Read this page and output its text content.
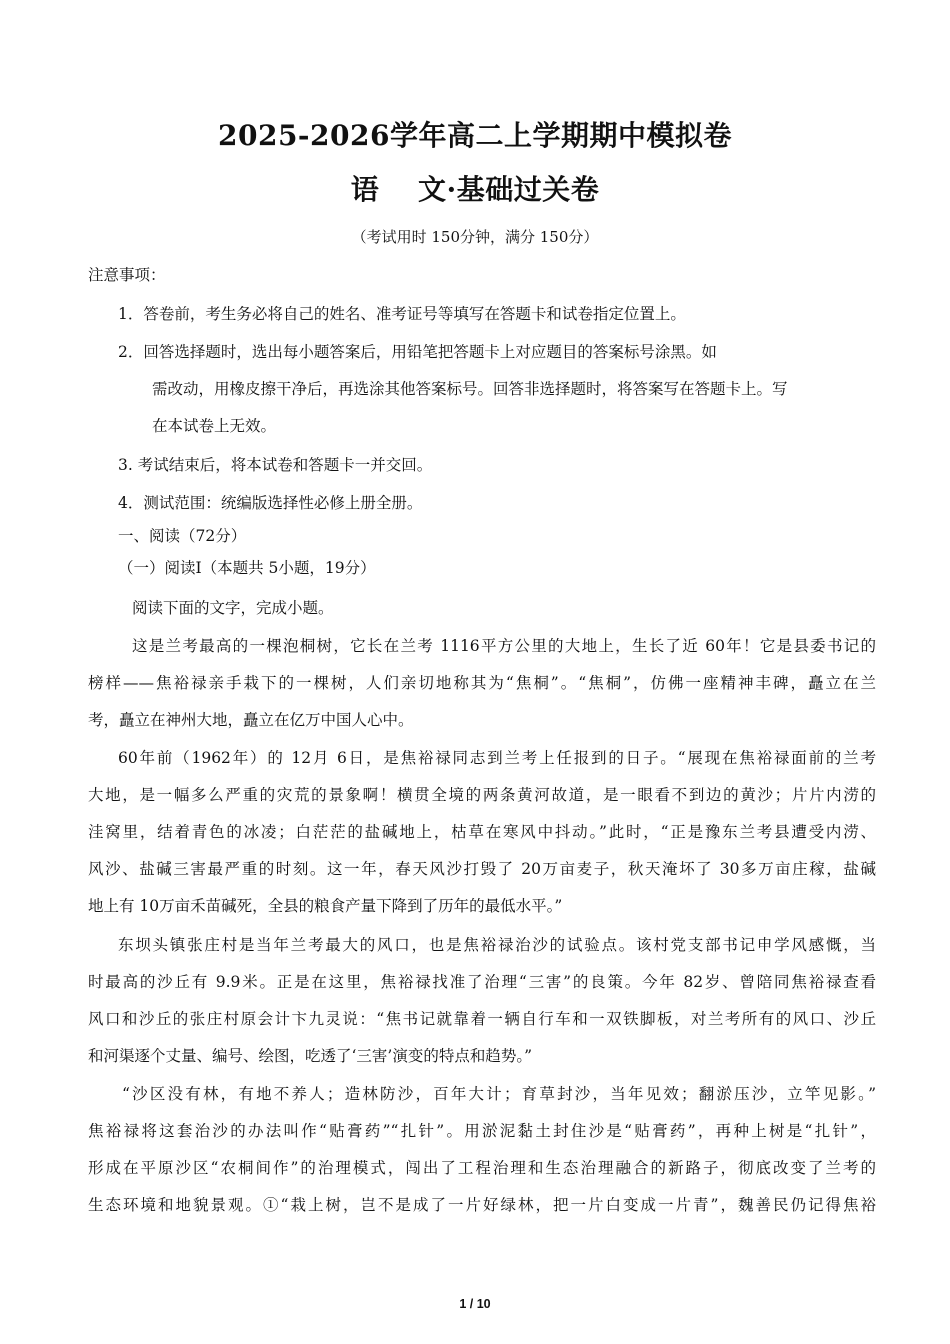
2025-2026学年高二上学期期中模拟卷
语　 文·基础过关卷
（考试用时 150分钟，满分 150分）
注意事项：
1．答卷前，考生务必将自己的姓名、准考证号等填写在答题卡和试卷指定位置上。
2．回答选择题时，选出每小题答案后，用铅笔把答题卡上对应题目的答案标号涂黑。如
需改动，用橡皮擦干净后，再选涂其他答案标号。回答非选择题时，将答案写在答题卡上。写
在本试卷上无效。
3. 考试结束后，将本试卷和答题卡一并交回。
4．测试范围：统编版选择性必修上册全册。
一、阅读（72分）
（一）阅读Ⅰ（本题共 5小题，19分）
阅读下面的文字，完成小题。
这是兰考最高的一棵泡桐树，它长在兰考 1116平方公里的大地上，生长了近 60年！它是县委书记的
榜样——焦裕禄亲手栽下的一棵树，人们亲切地称其为“焦桐”。“焦桐”，仿佛一座精神丰碑，矗立在兰
考，矗立在神州大地，矗立在亿万中国人心中。
60年前（1962年）的 12月 6日，是焦裕禄同志到兰考上任报到的日子。“展现在焦裕禄面前的兰考
大地，是一幅多么严重的灾荒的景象啊！横贯全境的两条黄河故道，是一眼看不到边的黄沙；片片内涝的
洼窝里，结着青色的冰凌；白茫茫的盐碱地上，枯草在寒风中抖动。”此时，“正是豫东兰考县遭受内涝、
风沙、盐碱三害最严重的时刻。这一年，春天风沙打毁了 20万亩麦子，秋天淹坏了 30多万亩庄稼，盐碱
地上有 10万亩禾苗碱死，全县的粮食产量下降到了历年的最低水平。”
东坝头镇张庄村是当年兰考最大的风口，也是焦裕禄治沙的试验点。该村党支部书记申学风感慨，当
时最高的沙丘有 9.9米。正是在这里，焦裕禄找准了治理“三害”的良策。今年 82岁、曾陪同焦裕禄查看
风口和沙丘的张庄村原会计卞九灵说：“焦书记就靠着一辆自行车和一双铁脚板，对兰考所有的风口、沙丘
和河渠逐个丈量、编号、绘图，吃透了‘三害’演变的特点和趋势。”
“沙区没有林，有地不养人；造林防沙，百年大计；育草封沙，当年见效；翻淤压沙，立竿见影。”
焦裕禄将这套治沙的办法叫作“贴膏药”“扎针”。用淤泥黏土封住沙是“贴膏药”，再种上树是“扎针”，
形成在平原沙区“农桐间作”的治理模式，闯出了工程治理和生态治理融合的新路子，彻底改变了兰考的
生态环境和地貌景观。①“栽上树，岂不是成了一片好绿林，把一片白变成一片青”，魏善民仍记得焦裕
1 / 10
